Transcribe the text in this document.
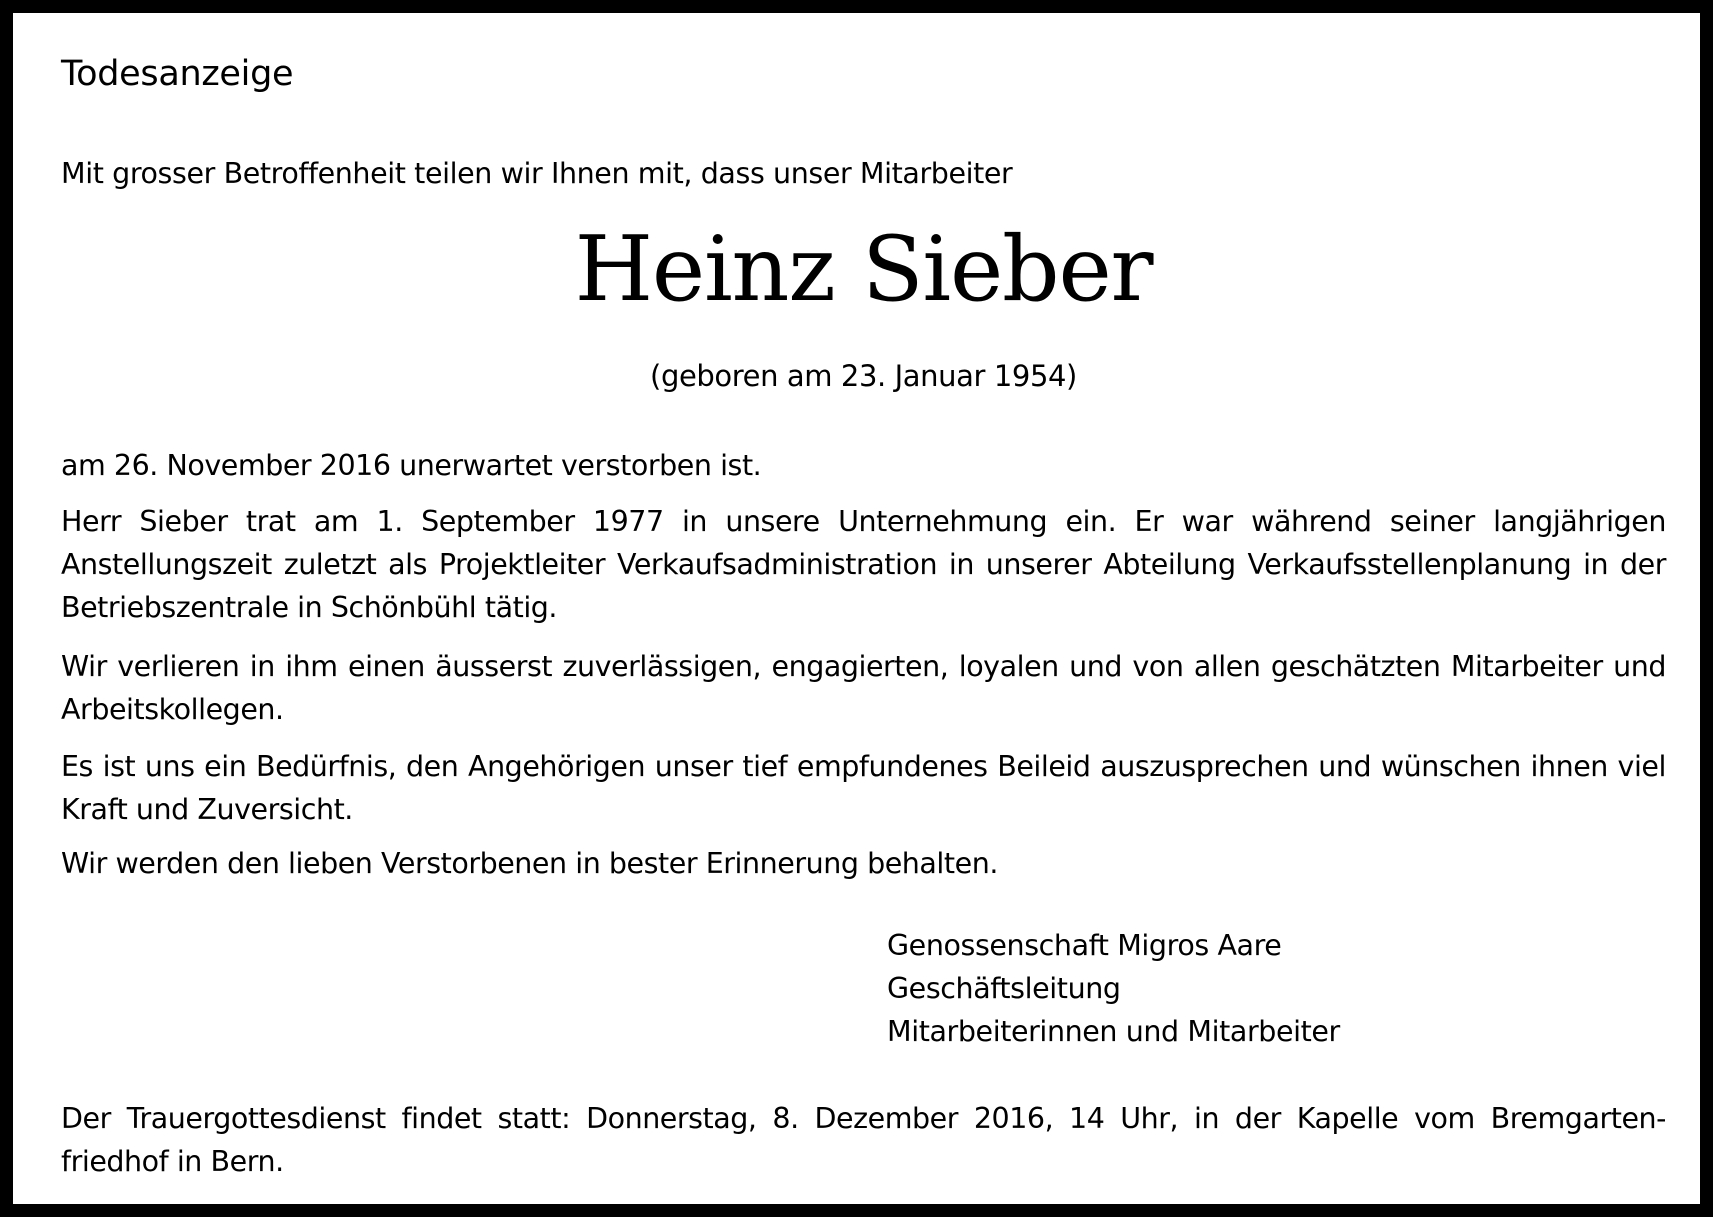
Todesanzeige
Mit grosser Betroffenheit teilen wir Ihnen mit, dass unser Mitarbeiter
Heinz Sieber
(geboren am 23. Januar 1954)

am 26. November 2016 unerwartet verstorben ist.

Herr Sieber trat am 1. September 1977 in unsere Unternehmung ein. Er war während seiner langjährigen Anstellungszeit zuletzt als Projektleiter Verkaufsadministration in unserer Abteilung Verkaufsstellenplanung in der Betriebszentrale in Schönbühl tätig.

Wir verlieren in ihm einen äusserst zuverlässigen, engagierten, loyalen und von allen geschätzten Mitarbeiter und Arbeitskollegen.

Es ist uns ein Bedürfnis, den Angehörigen unser tief empfundenes Beileid auszusprechen und wünschen ihnen viel Kraft und Zuversicht.

Wir werden den lieben Verstorbenen in bester Erinnerung behalten.

Genossenschaft Migros Aare
Geschäftsleitung
Mitarbeiterinnen und Mitarbeiter
Der Trauergottesdienst findet statt: Donnerstag, 8. Dezember 2016, 14 Uhr, in der Kapelle vom Bremgarten-friedhof in Bern.
